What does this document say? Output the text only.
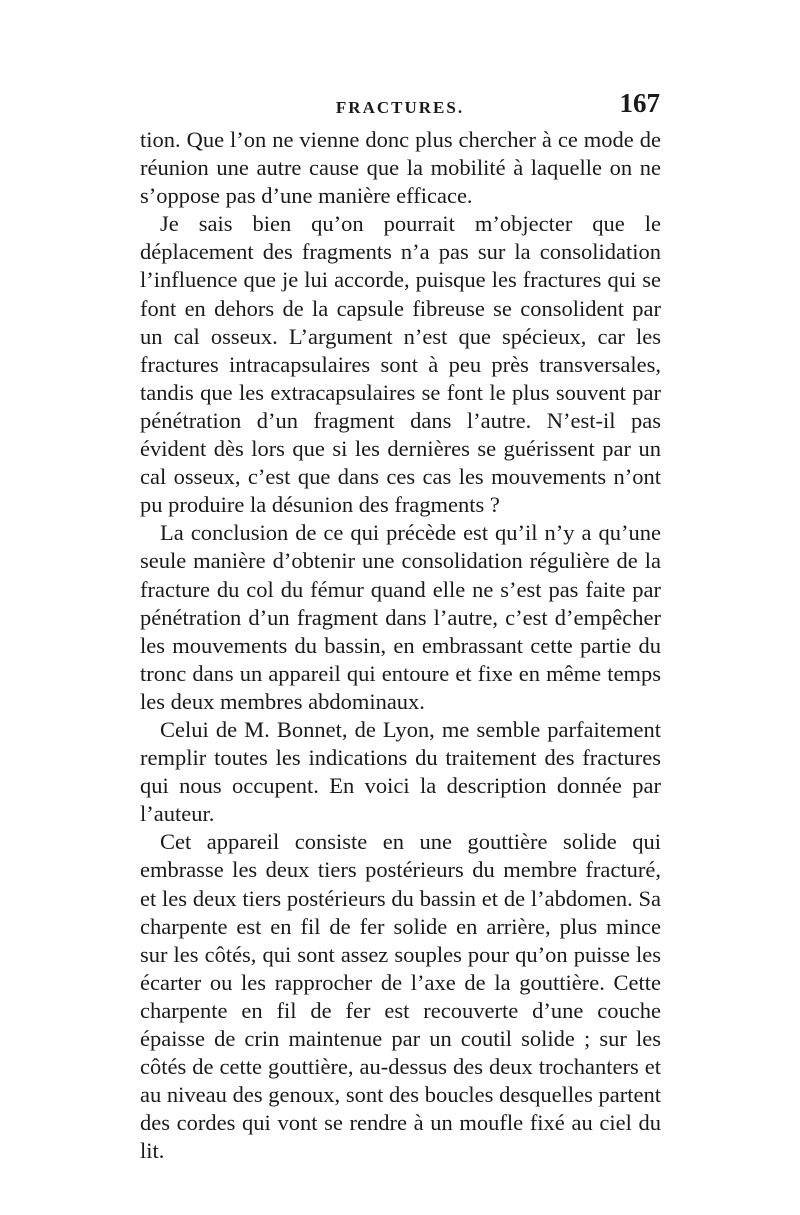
FRACTURES.	167

tion. Que l’on ne vienne donc plus chercher à ce mode de réunion une autre cause que la mobilité à laquelle on ne s’oppose pas d’une manière efficace.

Je sais bien qu’on pourrait m’objecter que le déplacement des fragments n’a pas sur la consolidation l’influence que je lui accorde, puisque les fractures qui se font en dehors de la capsule fibreuse se consolident par un cal osseux. L’argument n’est que spécieux, car les fractures intracapsulaires sont à peu près transversales, tandis que les extracapsulaires se font le plus souvent par pénétration d’un fragment dans l’autre. N’est-il pas évident dès lors que si les dernières se guérissent par un cal osseux, c’est que dans ces cas les mouvements n’ont pu produire la désunion des fragments ?

La conclusion de ce qui précède est qu’il n’y a qu’une seule manière d’obtenir une consolidation régulière de la fracture du col du fémur quand elle ne s’est pas faite par pénétration d’un fragment dans l’autre, c’est d’empêcher les mouvements du bassin, en embrassant cette partie du tronc dans un appareil qui entoure et fixe en même temps les deux membres abdominaux.

Celui de M. Bonnet, de Lyon, me semble parfaitement remplir toutes les indications du traitement des fractures qui nous occupent. En voici la description donnée par l’auteur.

Cet appareil consiste en une gouttière solide qui embrasse les deux tiers postérieurs du membre fracturé, et les deux tiers postérieurs du bassin et de l’abdomen. Sa charpente est en fil de fer solide en arrière, plus mince sur les côtés, qui sont assez souples pour qu’on puisse les écarter ou les rapprocher de l’axe de la gouttière. Cette charpente en fil de fer est recouverte d’une couche épaisse de crin maintenue par un coutil solide ; sur les côtés de cette gouttière, au-dessus des deux trochanters et au niveau des genoux, sont des boucles desquelles partent des cordes qui vont se rendre à un moufle fixé au ciel du lit.
